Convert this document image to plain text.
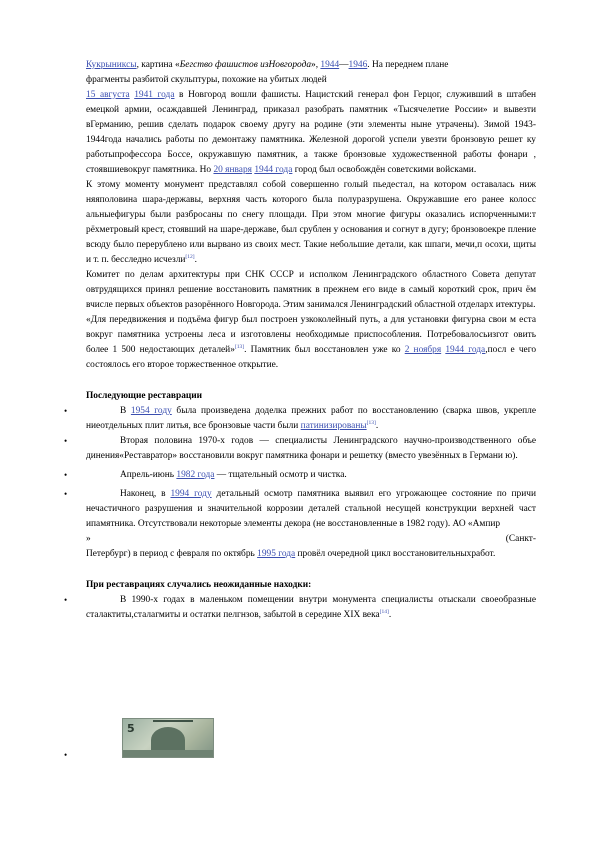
Кукрыниксы, картина «Бегство фашистов изНовгорода», 1944—1946. На переднем плане
фрагменты разбитой скульптуры, похожие на убитых людей

15 августа 1941 года в Новгород вошли фашисты. Нацистский генерал фон Герцог, служивший в штабен емецкой армии, осаждавшей Ленинград, приказал разобрать памятник «Тысячелетие России» и вывезти вГерманию, решив сделать подарок своему другу на родине (эти элементы ныне утрачены). Зимой 1943-1944года начались работы по демонтажу памятника. Железной дорогой успели увезти бронзовую решет ку работыпрофессора Боссе, окружавшую памятник, а также бронзовые художественной работы фонари , стоявшиевокруг памятника. Но 20 января 1944 года город был освобождён советскими войсками.

К этому моменту монумент представлял собой совершенно голый пьедестал, на котором оставалась ниж няяполовина шара-державы, верхняя часть которого была полуразрушена. Окружавшие его ранее колосс альныефигуры были разбросаны по снегу площади. При этом многие фигуры оказались испорченными:т рёхметровый крест, стоявший на шаре-державе, был срублен у основания и согнут в дугу; бронзовоекре пление всюду было перерублено или вырвано из своих мест. Такие небольшие детали, как шпаги, мечи,п осохи, щиты и т. п. бесследно исчезли[12].

Комитет по делам архитектуры при СНК СССР и исполком Ленинградского областного Совета депутат овтрудящихся принял решение восстановить памятник в прежнем его виде в самый короткий срок, прич ём вчисле первых объектов разорённого Новгорода. Этим занимался Ленинградский областной отделарх итектуры.

«Для передвижения и подъёма фигур был построен узкоколейный путь, а для установки фигурна свои м еста вокруг памятника устроены леса и изготовлены необходимые приспособления. Потребовалосьизгот овить более 1 500 недостающих деталей»[13]. Памятник был восстановлен уже ко 2 ноября 1944 года,посл е чего состоялось его второе торжественное открытие.

Последующие реставрации

•	В 1954 году была произведена доделка прежних работ по восстановлению (сварка швов, укрепле ниеотдельных плит литья, все бронзовые части были патинизированы[13].
•	Вторая половина 1970-х годов — специалисты Ленинградского научно-производственного объе динения«Реставратор» восстановили вокруг памятника фонари и решетку (вместо увезённых в Германи ю).
•	Апрель-июнь 1982 года — тщательный осмотр и чистка.
•	Наконец, в 1994 году детальный осмотр памятника выявил его угрожающее состояние по причи нечастичного разрушения и значительной коррозии деталей стальной несущей конструкции верхней част ипамятника. Отсутствовали некоторые элементы декора (не восстановленные в 1982 году). АО «Ампир
»	(Санкт-
Петербург) в период с февраля по октябрь 1995 года провёл очередной цикл восстановительныхработ.

При реставрациях случались неожиданные находки:

•	В 1990-х годах в маленьком помещении внутри монумента специалисты отыскали своеобразные сталактиты,сталагмиты и остатки пелгнзов, забытой в середине XIX века[14].
5
•
